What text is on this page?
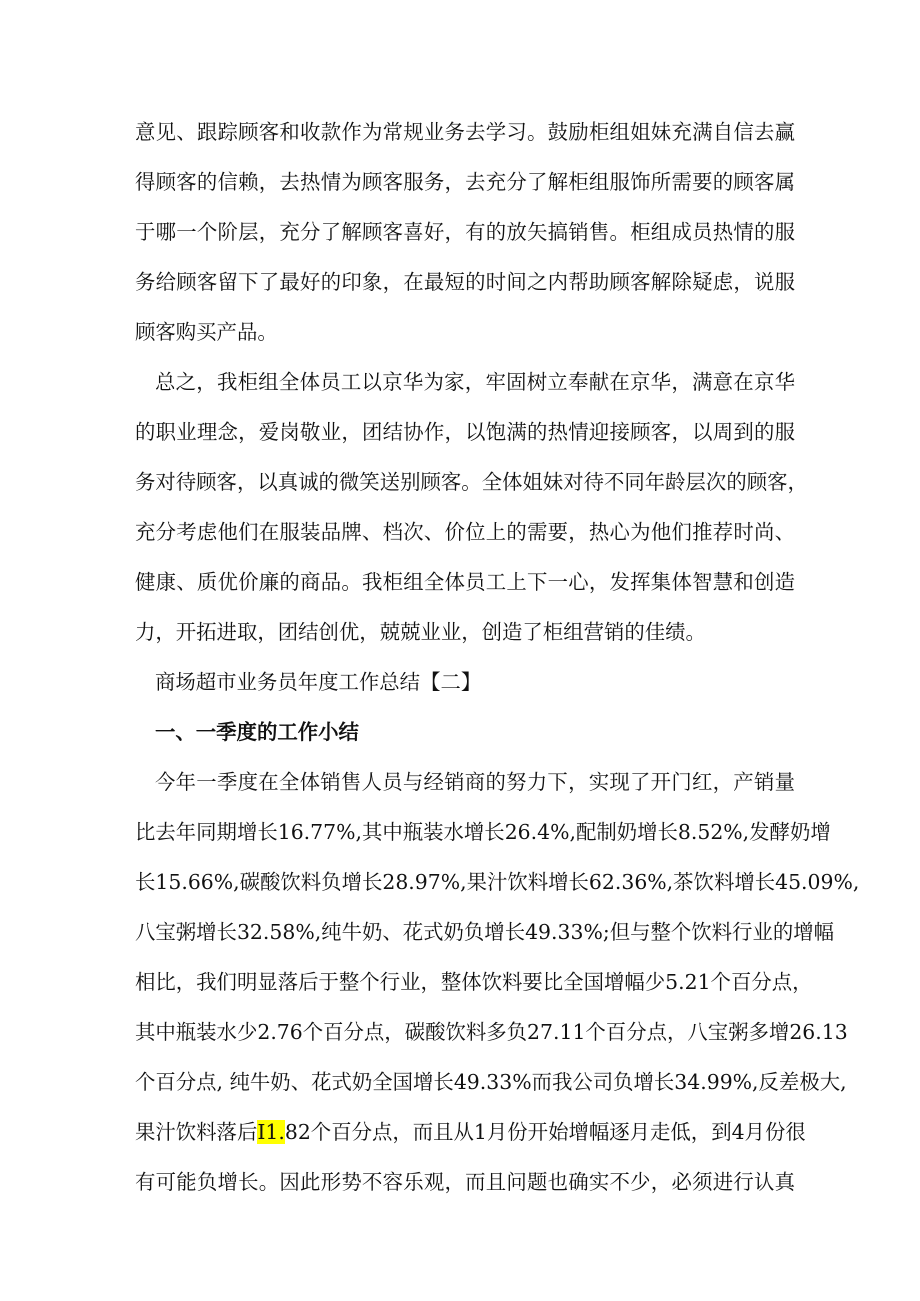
意见、跟踪顾客和收款作为常规业务去学习。鼓励柜组姐妹充满自信去赢
得顾客的信赖，去热情为顾客服务，去充分了解柜组服饰所需要的顾客属
于哪一个阶层，充分了解顾客喜好，有的放矢搞销售。柜组成员热情的服
务给顾客留下了最好的印象，在最短的时间之内帮助顾客解除疑虑，说服
顾客购买产品。
总之，我柜组全体员工以京华为家，牢固树立奉献在京华，满意在京华
的职业理念，爱岗敬业，团结协作，以饱满的热情迎接顾客，以周到的服
务对待顾客，以真诚的微笑送别顾客。全体姐妹对待不同年龄层次的顾客，
充分考虑他们在服装品牌、档次、价位上的需要，热心为他们推荐时尚、
健康、质优价廉的商品。我柜组全体员工上下一心，发挥集体智慧和创造
力，开拓进取，团结创优，兢兢业业，创造了柜组营销的佳绩。
商场超市业务员年度工作总结【二】
一、一季度的工作小结
今年一季度在全体销售人员与经销商的努力下，实现了开门红，产销量
比去年同期增长16.77%,其中瓶装水增长26.4%,配制奶增长8.52%,发酵奶增
长15.66%,碳酸饮料负增长28.97%,果汁饮料增长62.36%,茶饮料增长45.09%,
八宝粥增长32.58%,纯牛奶、花式奶负增长49.33%;但与整个饮料行业的增幅
相比，我们明显落后于整个行业，整体饮料要比全国增幅少5.21个百分点，
其中瓶装水少2.76个百分点，碳酸饮料多负27.11个百分点，八宝粥多增26.13
个百分点, 纯牛奶、花式奶全国增长49.33%而我公司负增长34.99%,反差极大,
果汁饮料落后I1.82个百分点，而且从1月份开始增幅逐月走低，到4月份很
有可能负增长。因此形势不容乐观，而且问题也确实不少，必须进行认真
